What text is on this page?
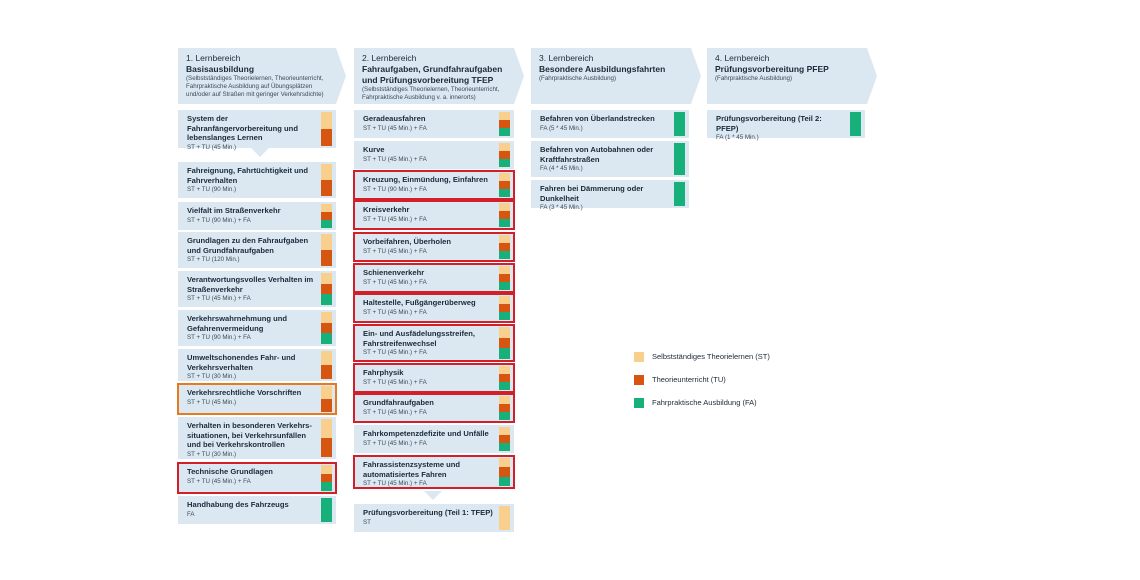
1. Lernbereich
Basisausbildung
(Selbstständiges Theorielernen, Theorieunterricht, Fahrpraktische Ausbildung auf Übungsplätzen und/oder auf Straßen mit geringer Verkehrsdichte)
2. Lernbereich
Fahraufgaben, Grundfahraufgaben und Prüfungsvorbereitung TFEP
(Selbstständiges Theorielernen, Theorieunterricht, Fahrpraktische Ausbildung v. a. innerorts)
3. Lernbereich
Besondere Ausbildungsfahrten
(Fahrpraktische Ausbildung)
4. Lernbereich
Prüfungsvorbereitung PFEP
(Fahrpraktische Ausbildung)
System der Fahranfängervorbereitung und lebenslanges Lernen
ST + TU (45 Min.)
Fahreignung, Fahrtüchtigkeit und Fahrverhalten
ST + TU (90 Min.)
Vielfalt im Straßenverkehr
ST + TU (90 Min.) + FA
Grundlagen zu den Fahraufgaben und Grundfahraufgaben
ST + TU (120 Min.)
Verantwortungsvolles Verhalten im Straßenverkehr
ST + TU (45 Min.) + FA
Verkehrswahrnehmung und Gefahrenvermeidung
ST + TU (90 Min.) + FA
Umweltschonendes Fahr- und Verkehrsverhalten
ST + TU (30 Min.)
Verkehrsrechtliche Vorschriften
ST + TU (45 Min.)
Verhalten in besonderen Verkehrs-situationen, bei Verkehrsunfällen und bei Verkehrskontrollen
ST + TU (30 Min.)
Technische Grundlagen
ST + TU (45 Min.) + FA
Handhabung des Fahrzeugs
FA
Geradeausfahren
ST + TU (45 Min.) + FA
Kurve
ST + TU (45 Min.) + FA
Kreuzung, Einmündung, Einfahren
ST + TU (90 Min.) + FA
Kreisverkehr
ST + TU (45 Min.) + FA
Vorbeifahren, Überholen
ST + TU (45 Min.) + FA
Schienenverkehr
ST + TU (45 Min.) + FA
Haltestelle, Fußgängerüberweg
ST + TU (45 Min.) + FA
Ein- und Ausfädelungsstreifen, Fahrstreifenwechsel
ST + TU (45 Min.) + FA
Fahrphysik
ST + TU (45 Min.) + FA
Grundfahraufgaben
ST + TU (45 Min.) + FA
Fahrkompetenzdefizite und Unfälle
ST + TU (45 Min.) + FA
Fahrassistenzsysteme und automatisiertes Fahren
ST + TU (45 Min.) + FA
Prüfungsvorbereitung (Teil 1: TFEP)
ST
Befahren von Überlandstrecken
FA (5 * 45 Min.)
Befahren von Autobahnen oder Kraftfahrstraßen
FA (4 * 45 Min.)
Fahren bei Dämmerung oder Dunkelheit
FA (3 * 45 Min.)
Prüfungsvorbereitung (Teil 2: PFEP)
FA (1 * 45 Min.)
Selbstständiges Theorielernen (ST)
Theorieunterricht (TU)
Fahrpraktische Ausbildung (FA)
